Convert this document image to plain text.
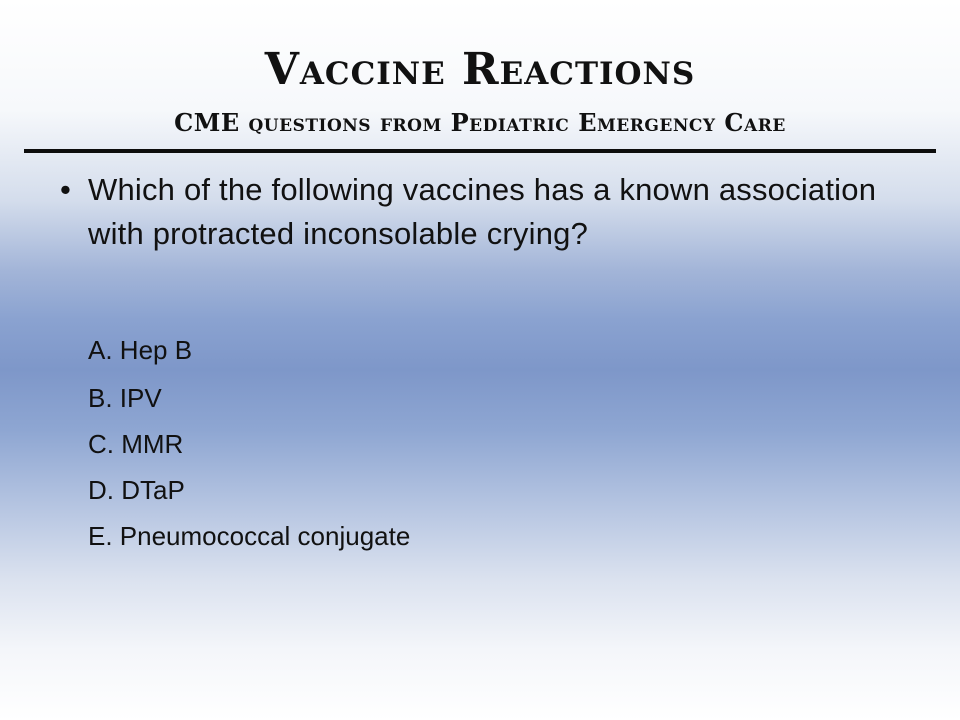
Vaccine Reactions
CME questions from Pediatric Emergency Care
• Which of the following vaccines has a known association with protracted inconsolable crying?
A. Hep B
B. IPV
C. MMR
D. DTaP
E. Pneumococcal conjugate
